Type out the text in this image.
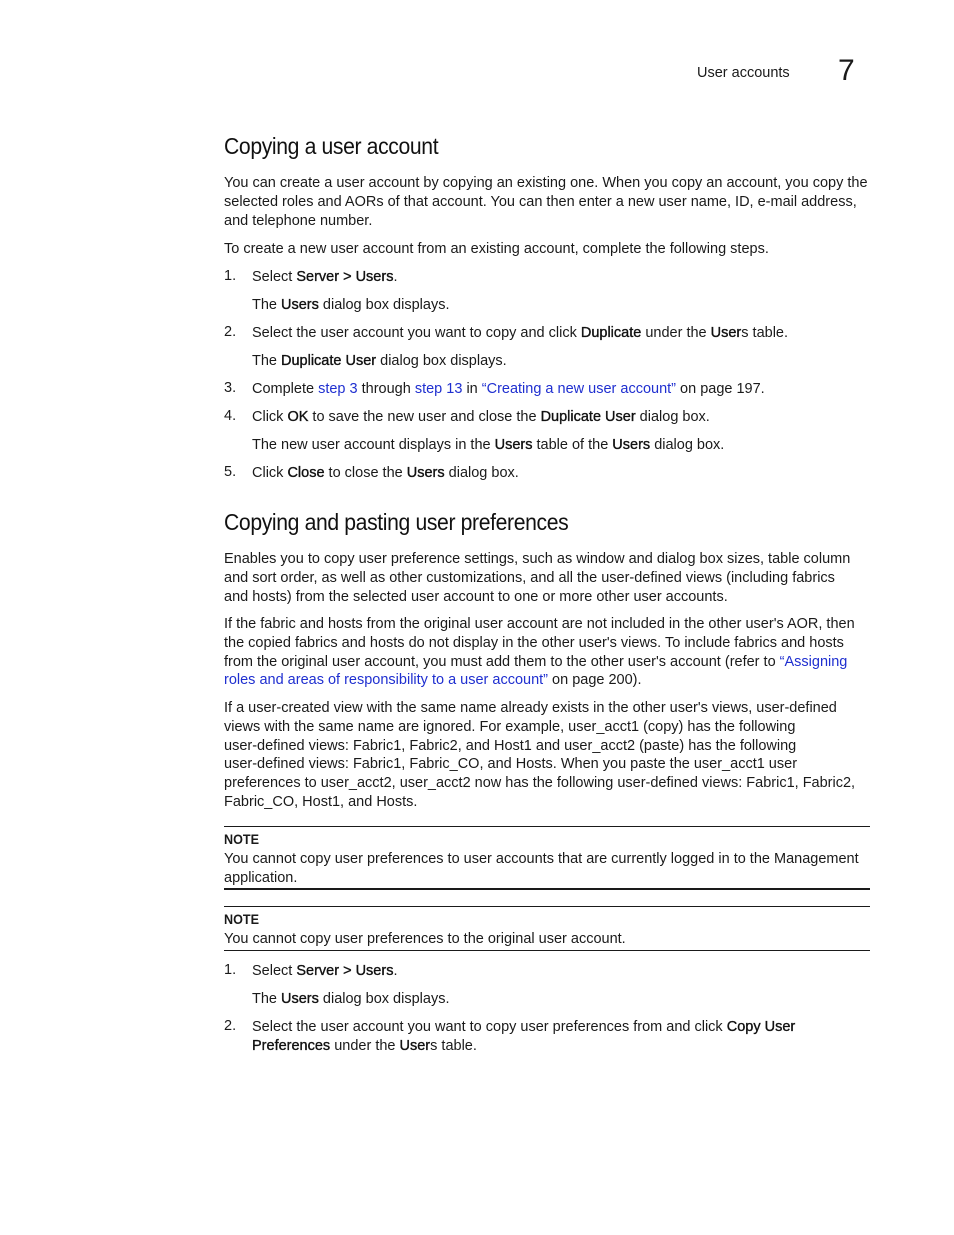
User accounts 7
Copying a user account

You can create a user account by copying an existing one. When you copy an account, you copy the

selected roles and AORs of that account. You can then enter a new user name, ID, e-mail address,

and telephone number.

To create a new user account from an existing account, complete the following steps.
1. Select Server > Users.
The Users dialog box displays.
2. Select the user account you want to copy and click Duplicate under the Users table.
The Duplicate User dialog box displays.
3. Complete step 3 through step 13 in “Creating a new user account” on page 197.
4. Click OK to save the new user and close the Duplicate User dialog box.
The new user account displays in the Users table of the Users dialog box.
5. Click Close to close the Users dialog box.
Copying and pasting user preferences

Enables you to copy user preference settings, such as window and dialog box sizes, table column

and sort order, as well as other customizations, and all the user-defined views (including fabrics

and hosts) from the selected user account to one or more other user accounts.

If the fabric and hosts from the original user account are not included in the other user's AOR, then

the copied fabrics and hosts do not display in the other user's views. To include fabrics and hosts

from the original user account, you must add them to the other user's account (refer to “Assigning

roles and areas of responsibility to a user account” on page 200).

If a user-created view with the same name already exists in the other user's views, user-defined

views with the same name are ignored. For example, user_acct1 (copy) has the following

user-defined views: Fabric1, Fabric2, and Host1 and user_acct2 (paste) has the following

user-defined views: Fabric1, Fabric_CO, and Hosts. When you paste the user_acct1 user

preferences to user_acct2, user_acct2 now has the following user-defined views: Fabric1, Fabric2,

Fabric_CO, Host1, and Hosts.

NOTE

You cannot copy user preferences to user accounts that are currently logged in to the Management

application.

NOTE

You cannot copy user preferences to the original user account.

1. Select Server > Users.
The Users dialog box displays.
2. Select the user account you want to copy user preferences from and click Copy User
Preferences under the Users table.
